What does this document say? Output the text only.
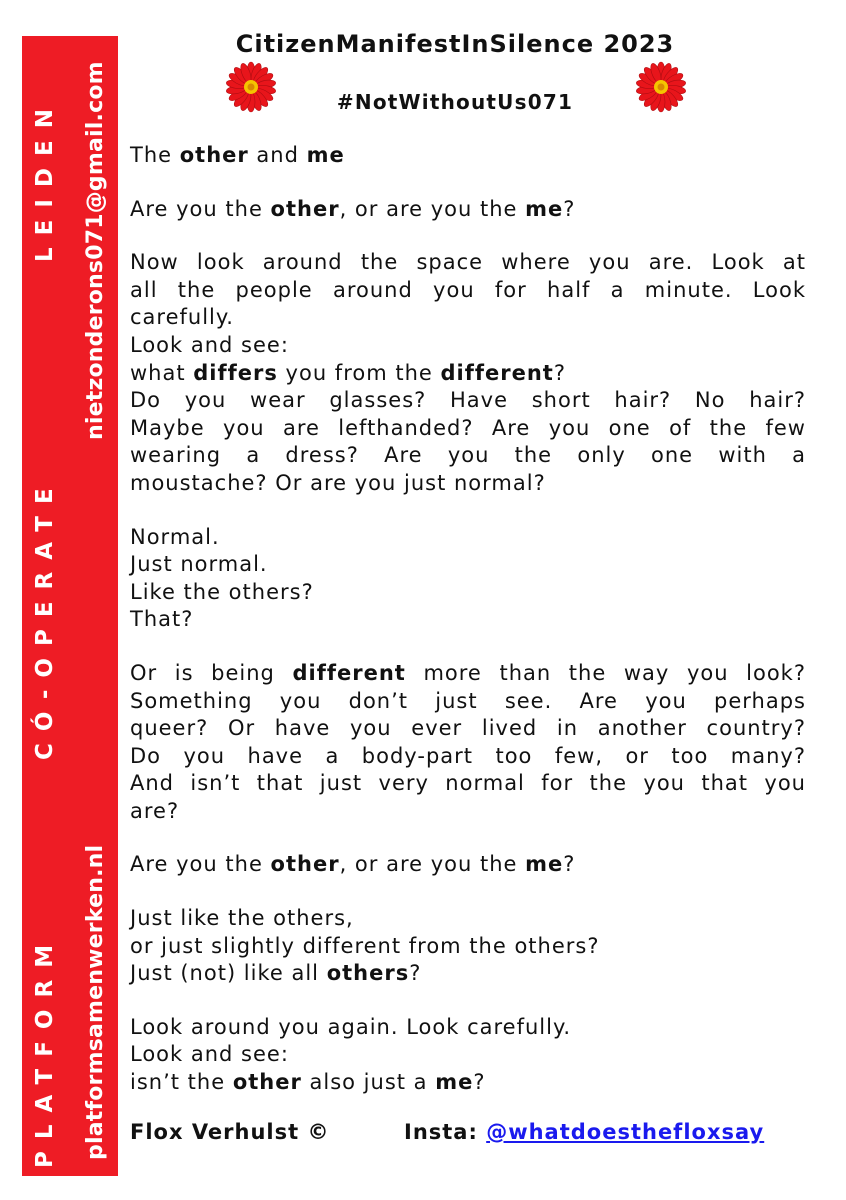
PLATFORM
CÓ-OPERATE
LEIDEN
platformsamenwerken.nl
nietzonderons071@gmail.com
CitizenManifestInSilence 2023
#NotWithoutUs071

The other and me

Are you the other, or are you the me?

Now look around the space where you are. Look at
all the people around you for half a minute. Look
carefully.
Look and see:
what differs you from the different?
Do you wear glasses? Have short hair? No hair?
Maybe you are lefthanded? Are you one of the few
wearing a dress? Are you the only one with a
moustache? Or are you just normal?

Normal.
Just normal.
Like the others?
That?

Or is being different more than the way you look?
Something you don’t just see. Are you perhaps
queer? Or have you ever lived in another country?
Do you have a body-part too few, or too many?
And isn’t that just very normal for the you that you
are?

Are you the other, or are you the me?

Just like the others,
or just slightly different from the others?
Just (not) like all others?

Look around you again. Look carefully.
Look and see:
isn’t the other also just a me?

Flox Verhulst ©	Insta: @whatdoesthefloxsay
